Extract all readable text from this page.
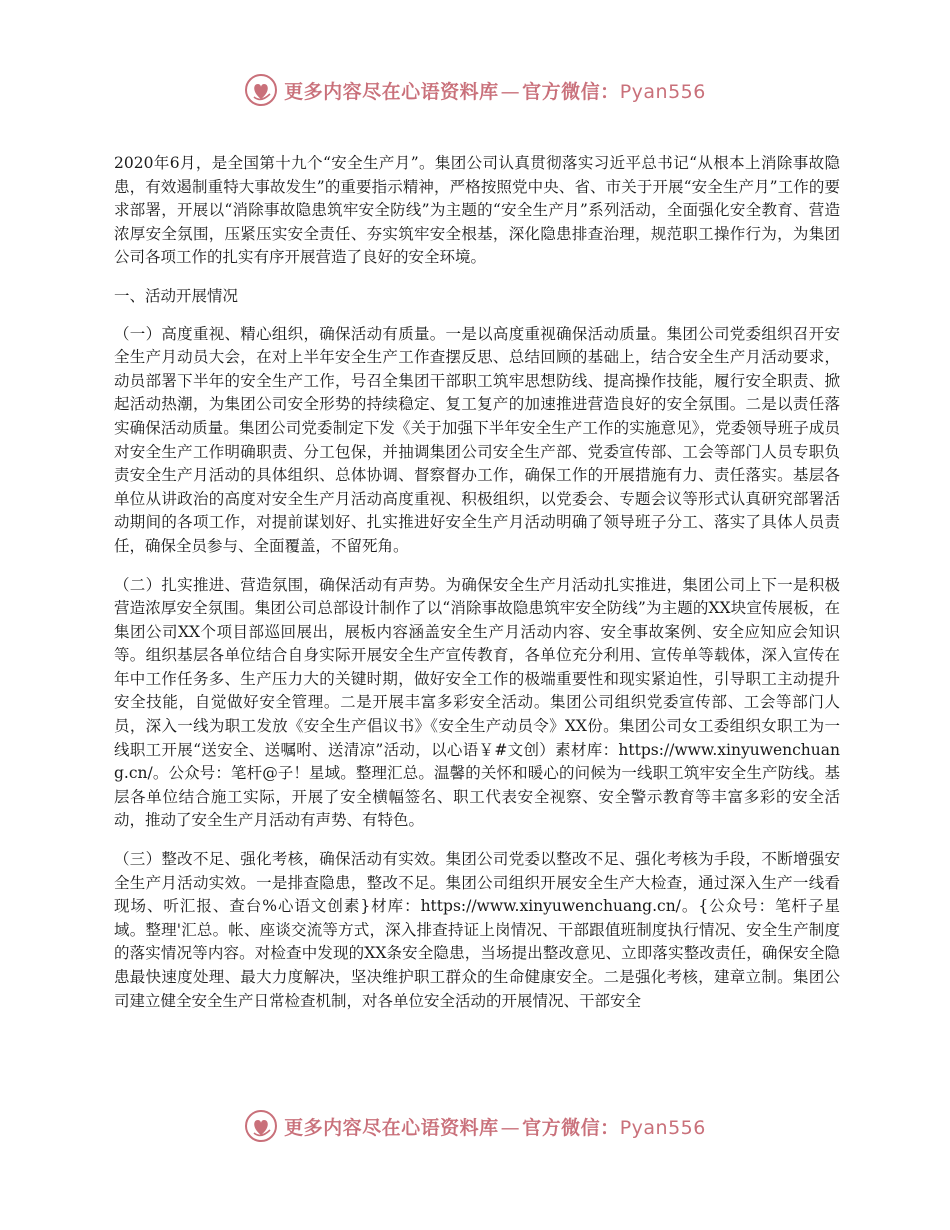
更多内容尽在心语资料库 — 官方微信：Pyan556

2020年6月，是全国第十九个“安全生产月”。集团公司认真贯彻落实习近平总书记“从根本上消除事故隐患，有效遏制重特大事故发生”的重要指示精神，严格按照党中央、省、市关于开展“安全生产月”工作的要求部署，开展以“消除事故隐患筑牢安全防线”为主题的“安全生产月”系列活动，全面强化安全教育、营造浓厚安全氛围，压紧压实安全责任、夯实筑牢安全根基，深化隐患排查治理，规范职工操作行为，为集团公司各项工作的扎实有序开展营造了良好的安全环境。

一、活动开展情况

（一）高度重视、精心组织，确保活动有质量。一是以高度重视确保活动质量。集团公司党委组织召开安全生产月动员大会，在对上半年安全生产工作查摆反思、总结回顾的基础上，结合安全生产月活动要求，动员部署下半年的安全生产工作，号召全集团干部职工筑牢思想防线、提高操作技能，履行安全职责、掀起活动热潮，为集团公司安全形势的持续稳定、复工复产的加速推进营造良好的安全氛围。二是以责任落实确保活动质量。集团公司党委制定下发《关于加强下半年安全生产工作的实施意见》，党委领导班子成员对安全生产工作明确职责、分工包保，并抽调集团公司安全生产部、党委宣传部、工会等部门人员专职负责安全生产月活动的具体组织、总体协调、督察督办工作，确保工作的开展措施有力、责任落实。基层各单位从讲政治的高度对安全生产月活动高度重视、积极组织，以党委会、专题会议等形式认真研究部署活动期间的各项工作，对提前谋划好、扎实推进好安全生产月活动明确了领导班子分工、落实了具体人员责任，确保全员参与、全面覆盖，不留死角。

（二）扎实推进、营造氛围，确保活动有声势。为确保安全生产月活动扎实推进，集团公司上下一是积极营造浓厚安全氛围。集团公司总部设计制作了以“消除事故隐患筑牢安全防线”为主题的XX块宣传展板，在集团公司XX个项目部巡回展出，展板内容涵盖安全生产月活动内容、安全事故案例、安全应知应会知识等。组织基层各单位结合自身实际开展安全生产宣传教育，各单位充分利用、宣传单等载体，深入宣传在年中工作任务多、生产压力大的关键时期，做好安全工作的极端重要性和现实紧迫性，引导职工主动提升安全技能，自觉做好安全管理。二是开展丰富多彩安全活动。集团公司组织党委宣传部、工会等部门人员，深入一线为职工发放《安全生产倡议书》《安全生产动员令》XX份。集团公司女工委组织女职工为一线职工开展“送安全、送嘱咐、送清凉”活动，以心语￥#文创）素材库：https://www.xinyuwenchuang.cn/。公众号：笔杆@子！星域。整理汇总。温馨的关怀和暖心的问候为一线职工筑牢安全生产防线。基层各单位结合施工实际，开展了安全横幅签名、职工代表安全视察、安全警示教育等丰富多彩的安全活动，推动了安全生产月活动有声势、有特色。

（三）整改不足、强化考核，确保活动有实效。集团公司党委以整改不足、强化考核为手段，不断增强安全生产月活动实效。一是排查隐患，整改不足。集团公司组织开展安全生产大检查，通过深入生产一线看现场、听汇报、查台%心语文创素}材库：https://www.xinyuwenchuang.cn/。{公众号：笔杆子星域。整理'汇总。帐、座谈交流等方式，深入排查持证上岗情况、干部跟值班制度执行情况、安全生产制度的落实情况等内容。对检查中发现的XX条安全隐患，当场提出整改意见、立即落实整改责任，确保安全隐患最快速度处理、最大力度解决，坚决维护职工群众的生命健康安全。二是强化考核，建章立制。集团公司建立健全安全生产日常检查机制，对各单位安全活动的开展情况、干部安全

更多内容尽在心语资料库 — 官方微信：Pyan556
